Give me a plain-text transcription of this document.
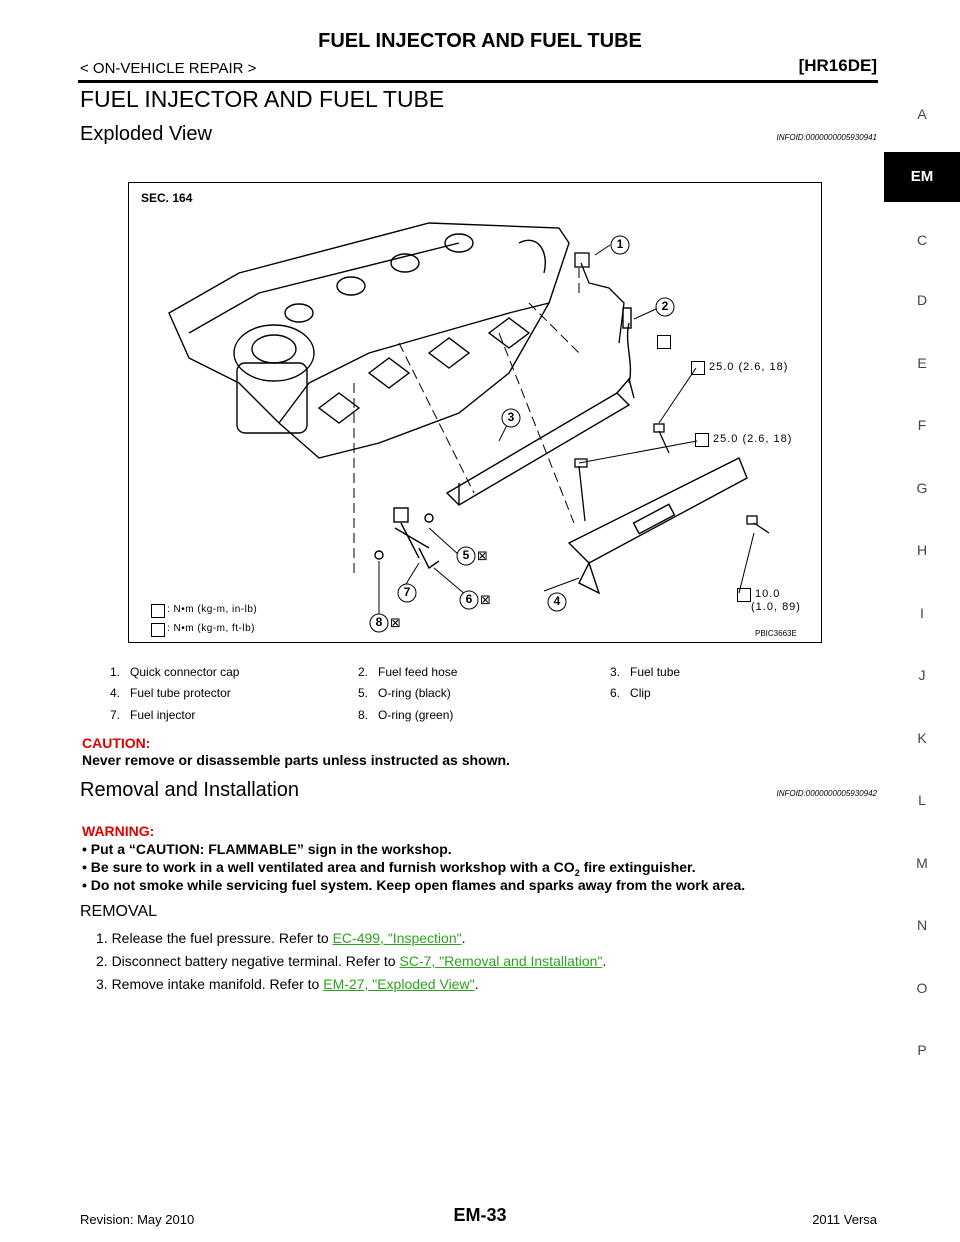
FUEL INJECTOR AND FUEL TUBE
< ON-VEHICLE REPAIR >	[HR16DE]
A
EM
C
D
E
F
G
H
I
J
K
L
M
N
O
P
FUEL INJECTOR AND FUEL TUBE
Exploded View	INFOID:0000000005930941
SEC. 164
1
2
3
4
5
6
7
8
⊠
⊠
⊠
25.0 (2.6, 18)
25.0 (2.6, 18)
10.0
(1.0, 89)
: N•m (kg-m, in-lb)
: N•m (kg-m, ft-lb)	PBIC3663E
1. Quick connector cap	2. Fuel feed hose	3. Fuel tube
4. Fuel tube protector	5. O-ring (black)	6. Clip
7. Fuel injector	8. O-ring (green)
CAUTION:
Never remove or disassemble parts unless instructed as shown.
Removal and Installation	INFOID:0000000005930942
WARNING:
• Put a “CAUTION: FLAMMABLE” sign in the workshop.
• Be sure to work in a well ventilated area and furnish workshop with a $CO_2$ fire extinguisher.
• Do not smoke while servicing fuel system. Keep open flames and sparks away from the work area.
REMOVAL
1. Release the fuel pressure. Refer to EC-499, "Inspection".
2. Disconnect battery negative terminal. Refer to SC-7, "Removal and Installation".
3. Remove intake manifold. Refer to EM-27, "Exploded View".
Revision: May 2010	EM-33	2011 Versa
